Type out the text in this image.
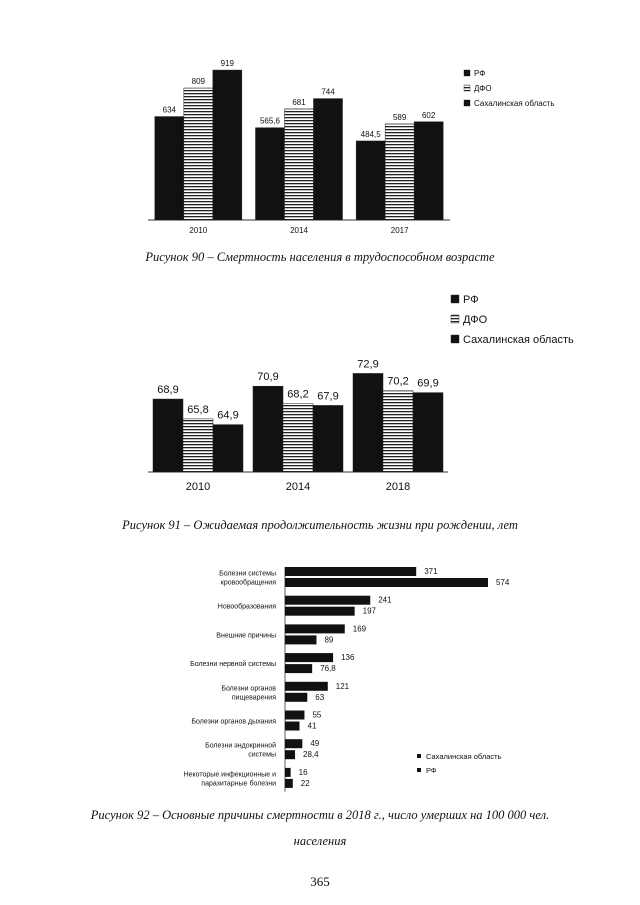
634
809
919
2010
565,6
681
744
2014
484,5
589 602
2017
РФ
ДФО
Сахалинская область
68,9
65,8 64,9
2010
70,9
68,2 67,9
2014
72,9
70,2 69,9
2018
РФ
ДФО
Сахалинская область
371
574
Болезни системы
кровообращения
241
197
Новообразования
169
89
Внешние причины
136
76,8
Болезни нервной системы
121
63
Болезни органов
пищеварения
55
41
Болезни органов дыхания
49
28,4
Болезни эндокринной
системы
16
22
Некоторые инфекционные и
паразитарные болезни
Сахалинская область
РФ
Рисунок 90 – Смертность населения в трудоспособном возрасте
Рисунок 91 – Ожидаемая продолжительность жизни при рождении, лет
Рисунок 92 – Основные причины смертности в 2018 г., число умерших на 100 000 чел.
населения
365
